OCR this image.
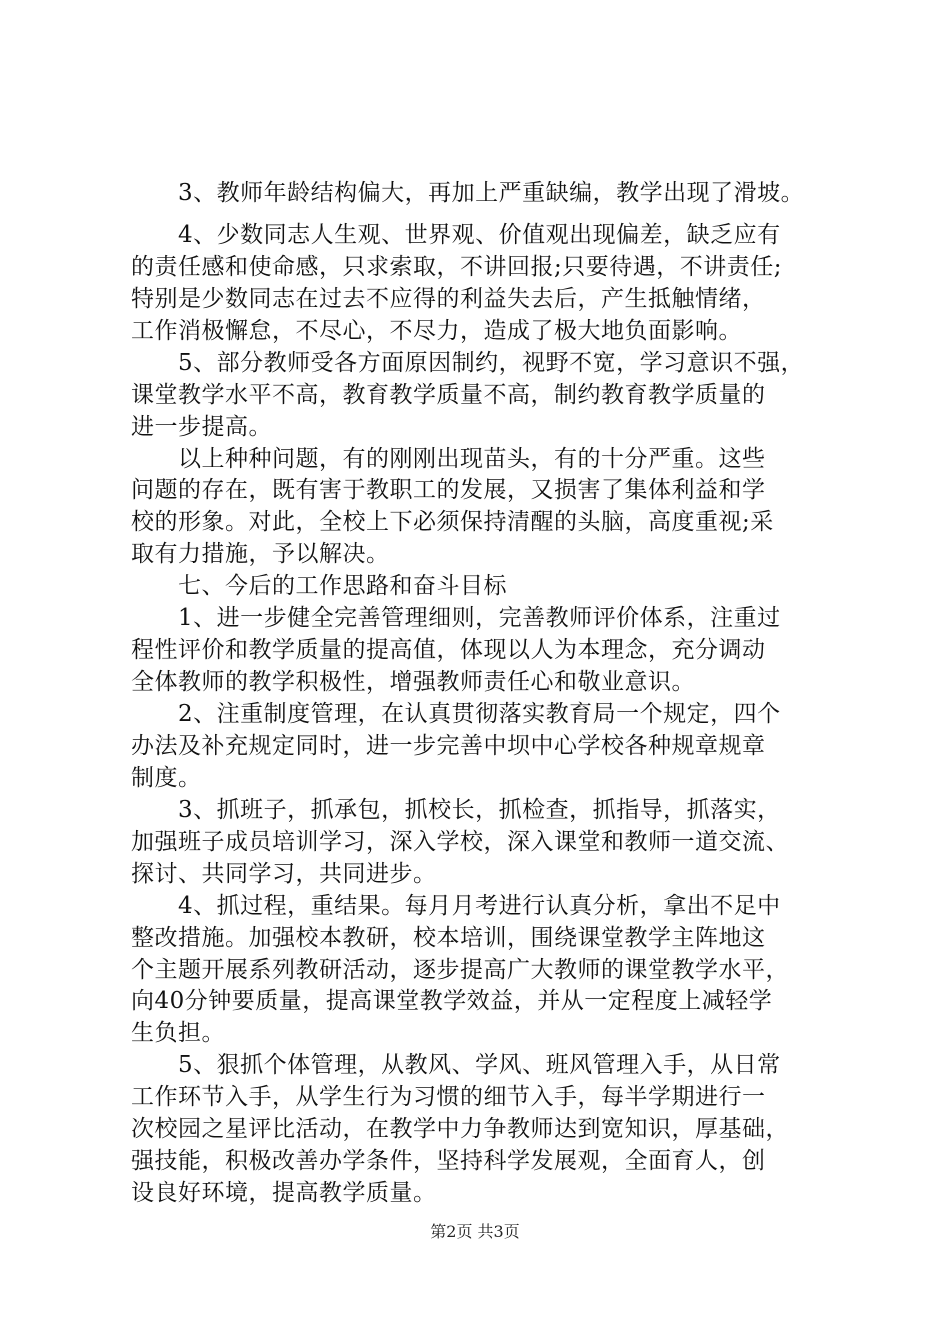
3、教师年龄结构偏大，再加上严重缺编，教学出现了滑坡。
4、少数同志人生观、世界观、价值观出现偏差，缺乏应有
的责任感和使命感，只求索取，不讲回报;只要待遇，不讲责任;
特别是少数同志在过去不应得的利益失去后，产生抵触情绪，
工作消极懈怠，不尽心，不尽力，造成了极大地负面影响。
5、部分教师受各方面原因制约，视野不宽，学习意识不强，
课堂教学水平不高，教育教学质量不高，制约教育教学质量的
进一步提高。
以上种种问题，有的刚刚出现苗头，有的十分严重。这些
问题的存在，既有害于教职工的发展，又损害了集体利益和学
校的形象。对此，全校上下必须保持清醒的头脑，高度重视;采
取有力措施，予以解决。
七、今后的工作思路和奋斗目标
1、进一步健全完善管理细则，完善教师评价体系，注重过
程性评价和教学质量的提高值，体现以人为本理念，充分调动
全体教师的教学积极性，增强教师责任心和敬业意识。
2、注重制度管理，在认真贯彻落实教育局一个规定，四个
办法及补充规定同时，进一步完善中坝中心学校各种规章规章
制度。
3、抓班子，抓承包，抓校长，抓检查，抓指导，抓落实，
加强班子成员培训学习，深入学校，深入课堂和教师一道交流、
探讨、共同学习，共同进步。
4、抓过程，重结果。每月月考进行认真分析，拿出不足中
整改措施。加强校本教研，校本培训，围绕课堂教学主阵地这
个主题开展系列教研活动，逐步提高广大教师的课堂教学水平，
向40分钟要质量，提高课堂教学效益，并从一定程度上减轻学
生负担。
5、狠抓个体管理，从教风、学风、班风管理入手，从日常
工作环节入手，从学生行为习惯的细节入手，每半学期进行一
次校园之星评比活动，在教学中力争教师达到宽知识，厚基础，
强技能，积极改善办学条件，坚持科学发展观，全面育人，创
设良好环境，提高教学质量。
第2页 共3页
